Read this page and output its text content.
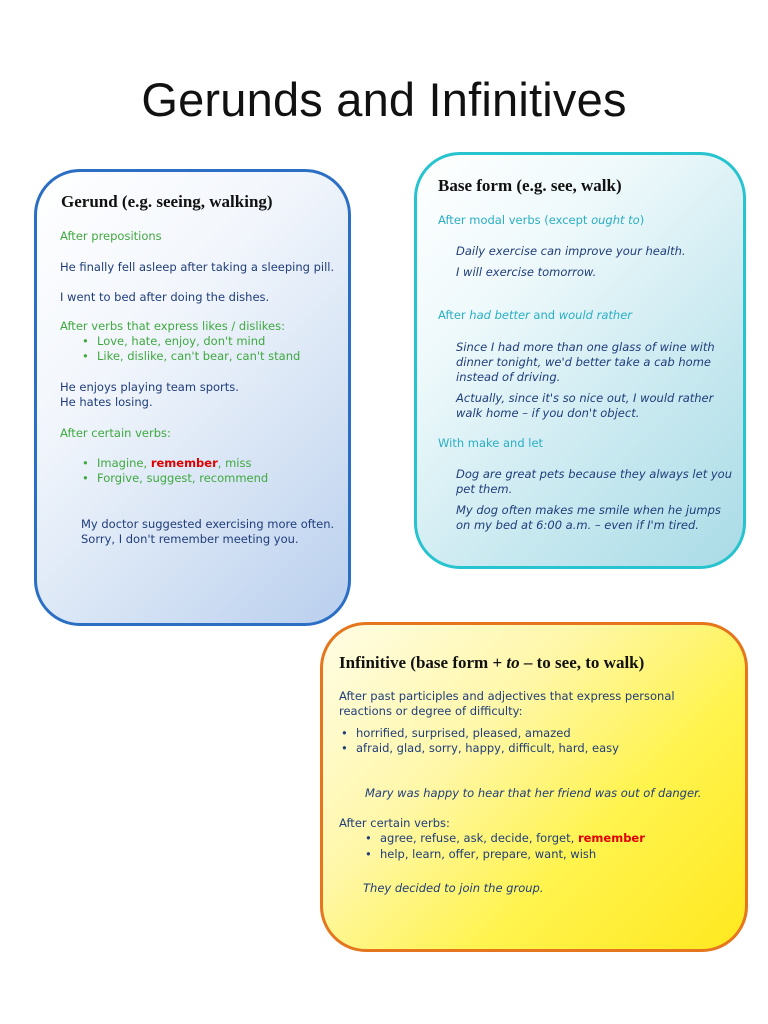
Gerunds and Infinitives

Gerund (e.g. seeing, walking)

After prepositions

He finally fell asleep after taking a sleeping pill.

I went to bed after doing the dishes.

After verbs that express likes / dislikes:

•Love, hate, enjoy, don't mind

•Like, dislike, can't bear, can't stand

He enjoys playing team sports.

He hates losing.

After certain verbs:

•Imagine, remember, miss

•Forgive, suggest, recommend

My doctor suggested exercising more often.

Sorry, I don't remember meeting you.

Base form (e.g. see, walk)

After modal verbs (except ought to)

Daily exercise can improve your health.

I will exercise tomorrow.

After had better and would rather

Since I had more than one glass of wine with

dinner tonight, we'd better take a cab home

instead of driving.

Actually, since it's so nice out, I would rather

walk home – if you don't object.

With make and let

Dog are great pets because they always let you

pet them.

My dog often makes me smile when he jumps

on my bed at 6:00 a.m. – even if I'm tired.

Infinitive (base form + to – to see, to walk)

After past participles and adjectives that express personal

reactions or degree of difficulty:

•horrified, surprised, pleased, amazed

•afraid, glad, sorry, happy, difficult, hard, easy

Mary was happy to hear that her friend was out of danger.

After certain verbs:

•agree, refuse, ask, decide, forget, remember

•help, learn, offer, prepare, want, wish

They decided to join the group.
